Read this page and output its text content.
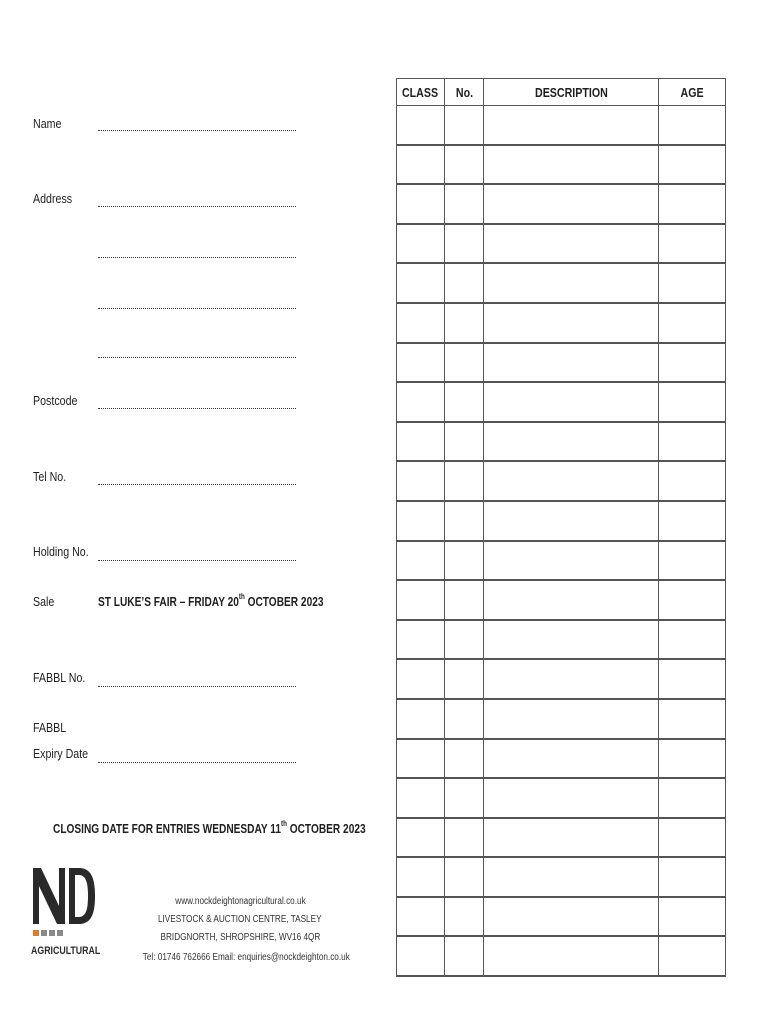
Name
Address
Postcode
Tel No.
Holding No.
Sale	ST LUKE’S FAIR – FRIDAY 20th OCTOBER 2023
FABBL No.
FABBL
Expiry Date
CLOSING DATE FOR ENTRIES WEDNESDAY 11th OCTOBER 2023
AGRICULTURAL
www.nockdeightonagricultural.co.uk
LIVESTOCK & AUCTION CENTRE, TASLEY
BRIDGNORTH, SHROPSHIRE, WV16 4QR
Tel: 01746 762666 Email: enquiries@nockdeighton.co.uk
CLASS	No.	DESCRIPTION	AGE
